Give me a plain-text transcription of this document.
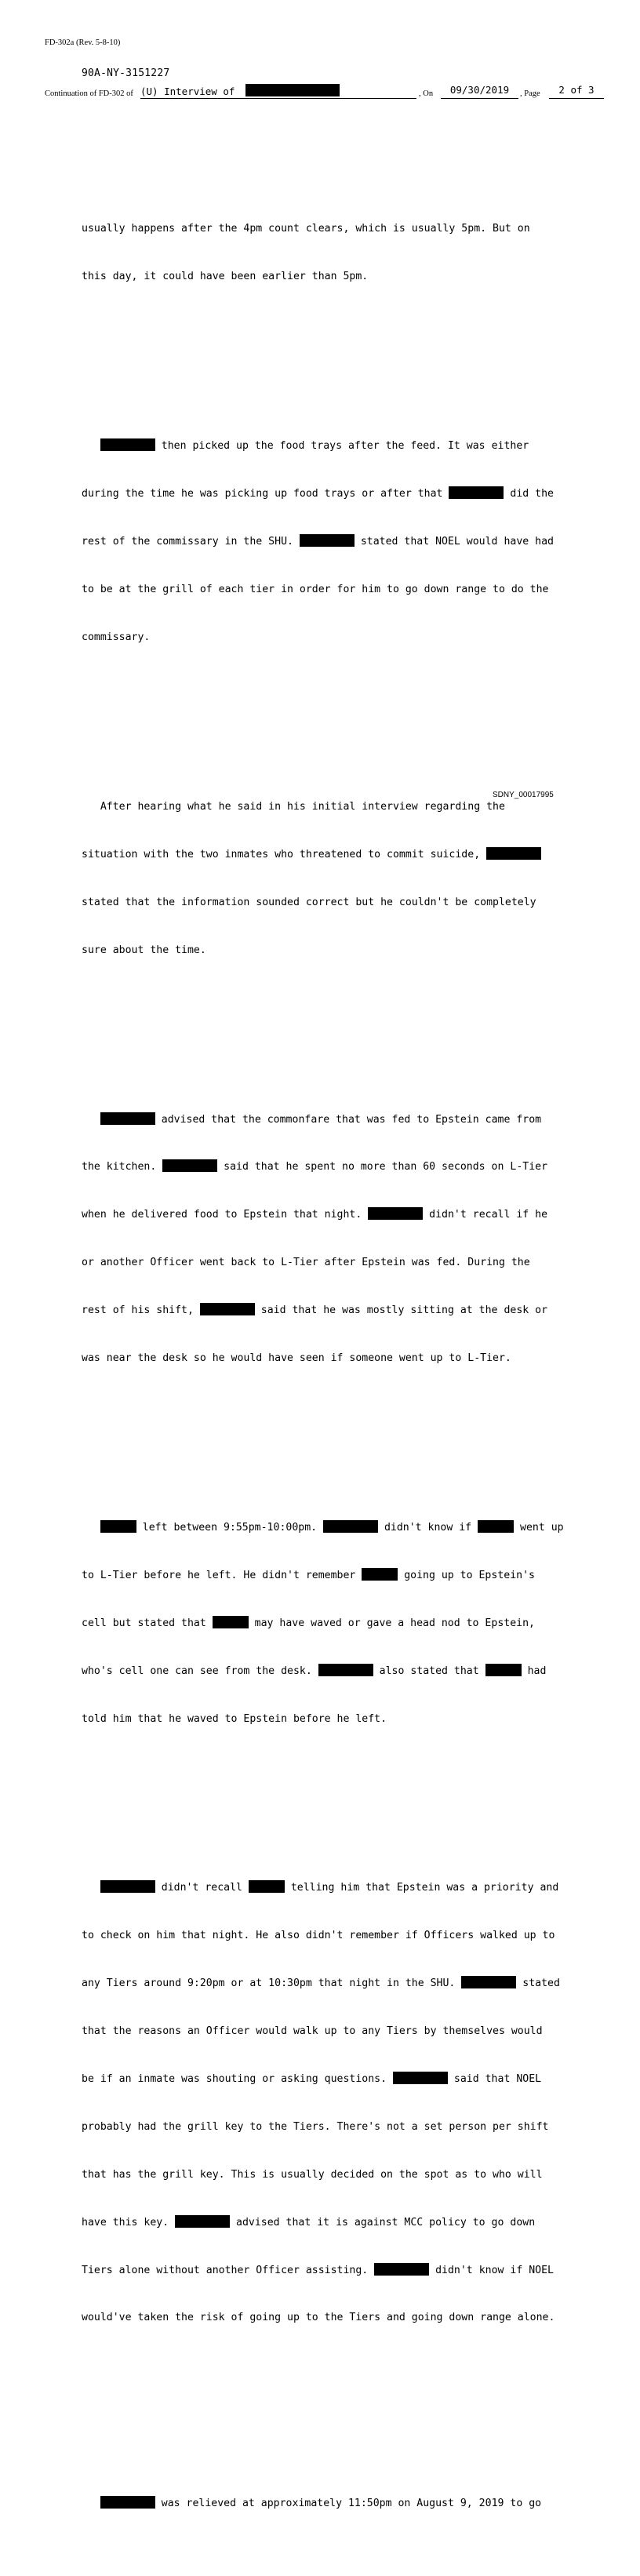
FD-302a (Rev. 5-8-10)
90A-NY-3151227
Continuation of FD-302 of (U) Interview of	, On	09/30/2019	, Page	2 of 3

usually happens after the 4pm count clears, which is usually 5pm. But on

this day, it could have been earlier than 5pm.

then picked up the food trays after the feed. It was either

during the time he was picking up food trays or after that	did the

rest of the commissary in the SHU.	stated that NOEL would have had

to be at the grill of each tier in order for him to go down range to do the

commissary.

After hearing what he said in his initial interview regarding the

situation with the two inmates who threatened to commit suicide,

stated that the information sounded correct but he couldn't be completely

sure about the time.

advised that the commonfare that was fed to Epstein came from

the kitchen.	said that he spent no more than 60 seconds on L-Tier

when he delivered food to Epstein that night.	didn't recall if he

or another Officer went back to L-Tier after Epstein was fed. During the

rest of his shift,	said that he was mostly sitting at the desk or

was near the desk so he would have seen if someone went up to L-Tier.

left between 9:55pm-10:00pm.	didn't know if	went up

to L-Tier before he left. He didn't remember	going up to Epstein's

cell but stated that	may have waved or gave a head nod to Epstein,

who's cell one can see from the desk.	also stated that	had

told him that he waved to Epstein before he left.

didn't recall	telling him that Epstein was a priority and

to check on him that night. He also didn't remember if Officers walked up to

any Tiers around 9:20pm or at 10:30pm that night in the SHU.	stated

that the reasons an Officer would walk up to any Tiers by themselves would

be if an inmate was shouting or asking questions.	said that NOEL

probably had the grill key to the Tiers. There's not a set person per shift

that has the grill key. This is usually decided on the spot as to who will

have this key.	advised that it is against MCC policy to go down

Tiers alone without another Officer assisting.	didn't know if NOEL

would've taken the risk of going up to the Tiers and going down range alone.

was relieved at approximately 11:50pm on August 9, 2019 to go

SDNY_00017995
